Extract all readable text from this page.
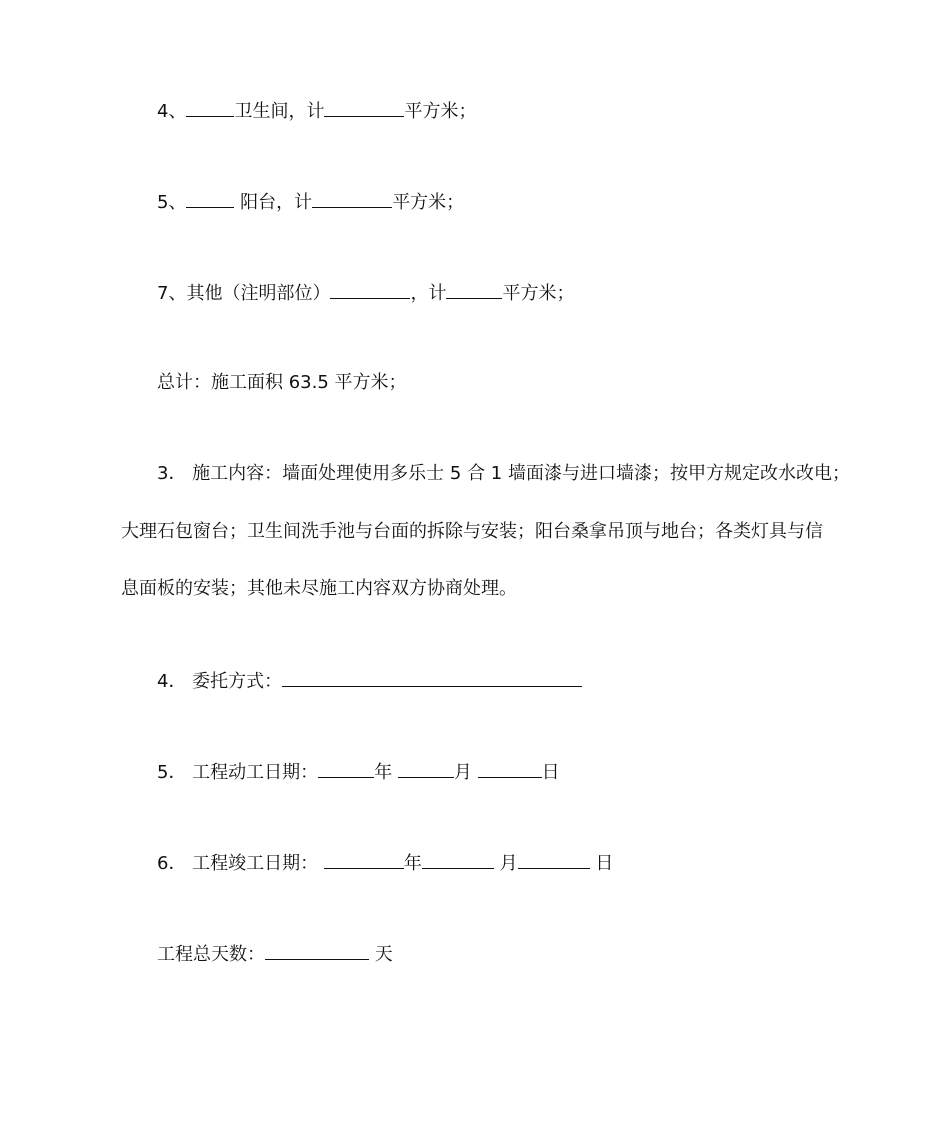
4、	卫生间，计	平方米；
5、	阳台，计	平方米；
7、其他（注明部位）	，计	平方米；
总计：施工面积 63.5 平方米；
3． 施工内容：墙面处理使用多乐士 5 合 1 墙面漆与进口墙漆；按甲方规定改水改电；
大理石包窗台；卫生间洗手池与台面的拆除与安装；阳台桑拿吊顶与地台；各类灯具与信
息面板的安装；其他未尽施工内容双方协商处理。
4． 委托方式：
5． 工程动工日期：	年	月	日
6． 工程竣工日期：	年	月	日
工程总天数：	天
